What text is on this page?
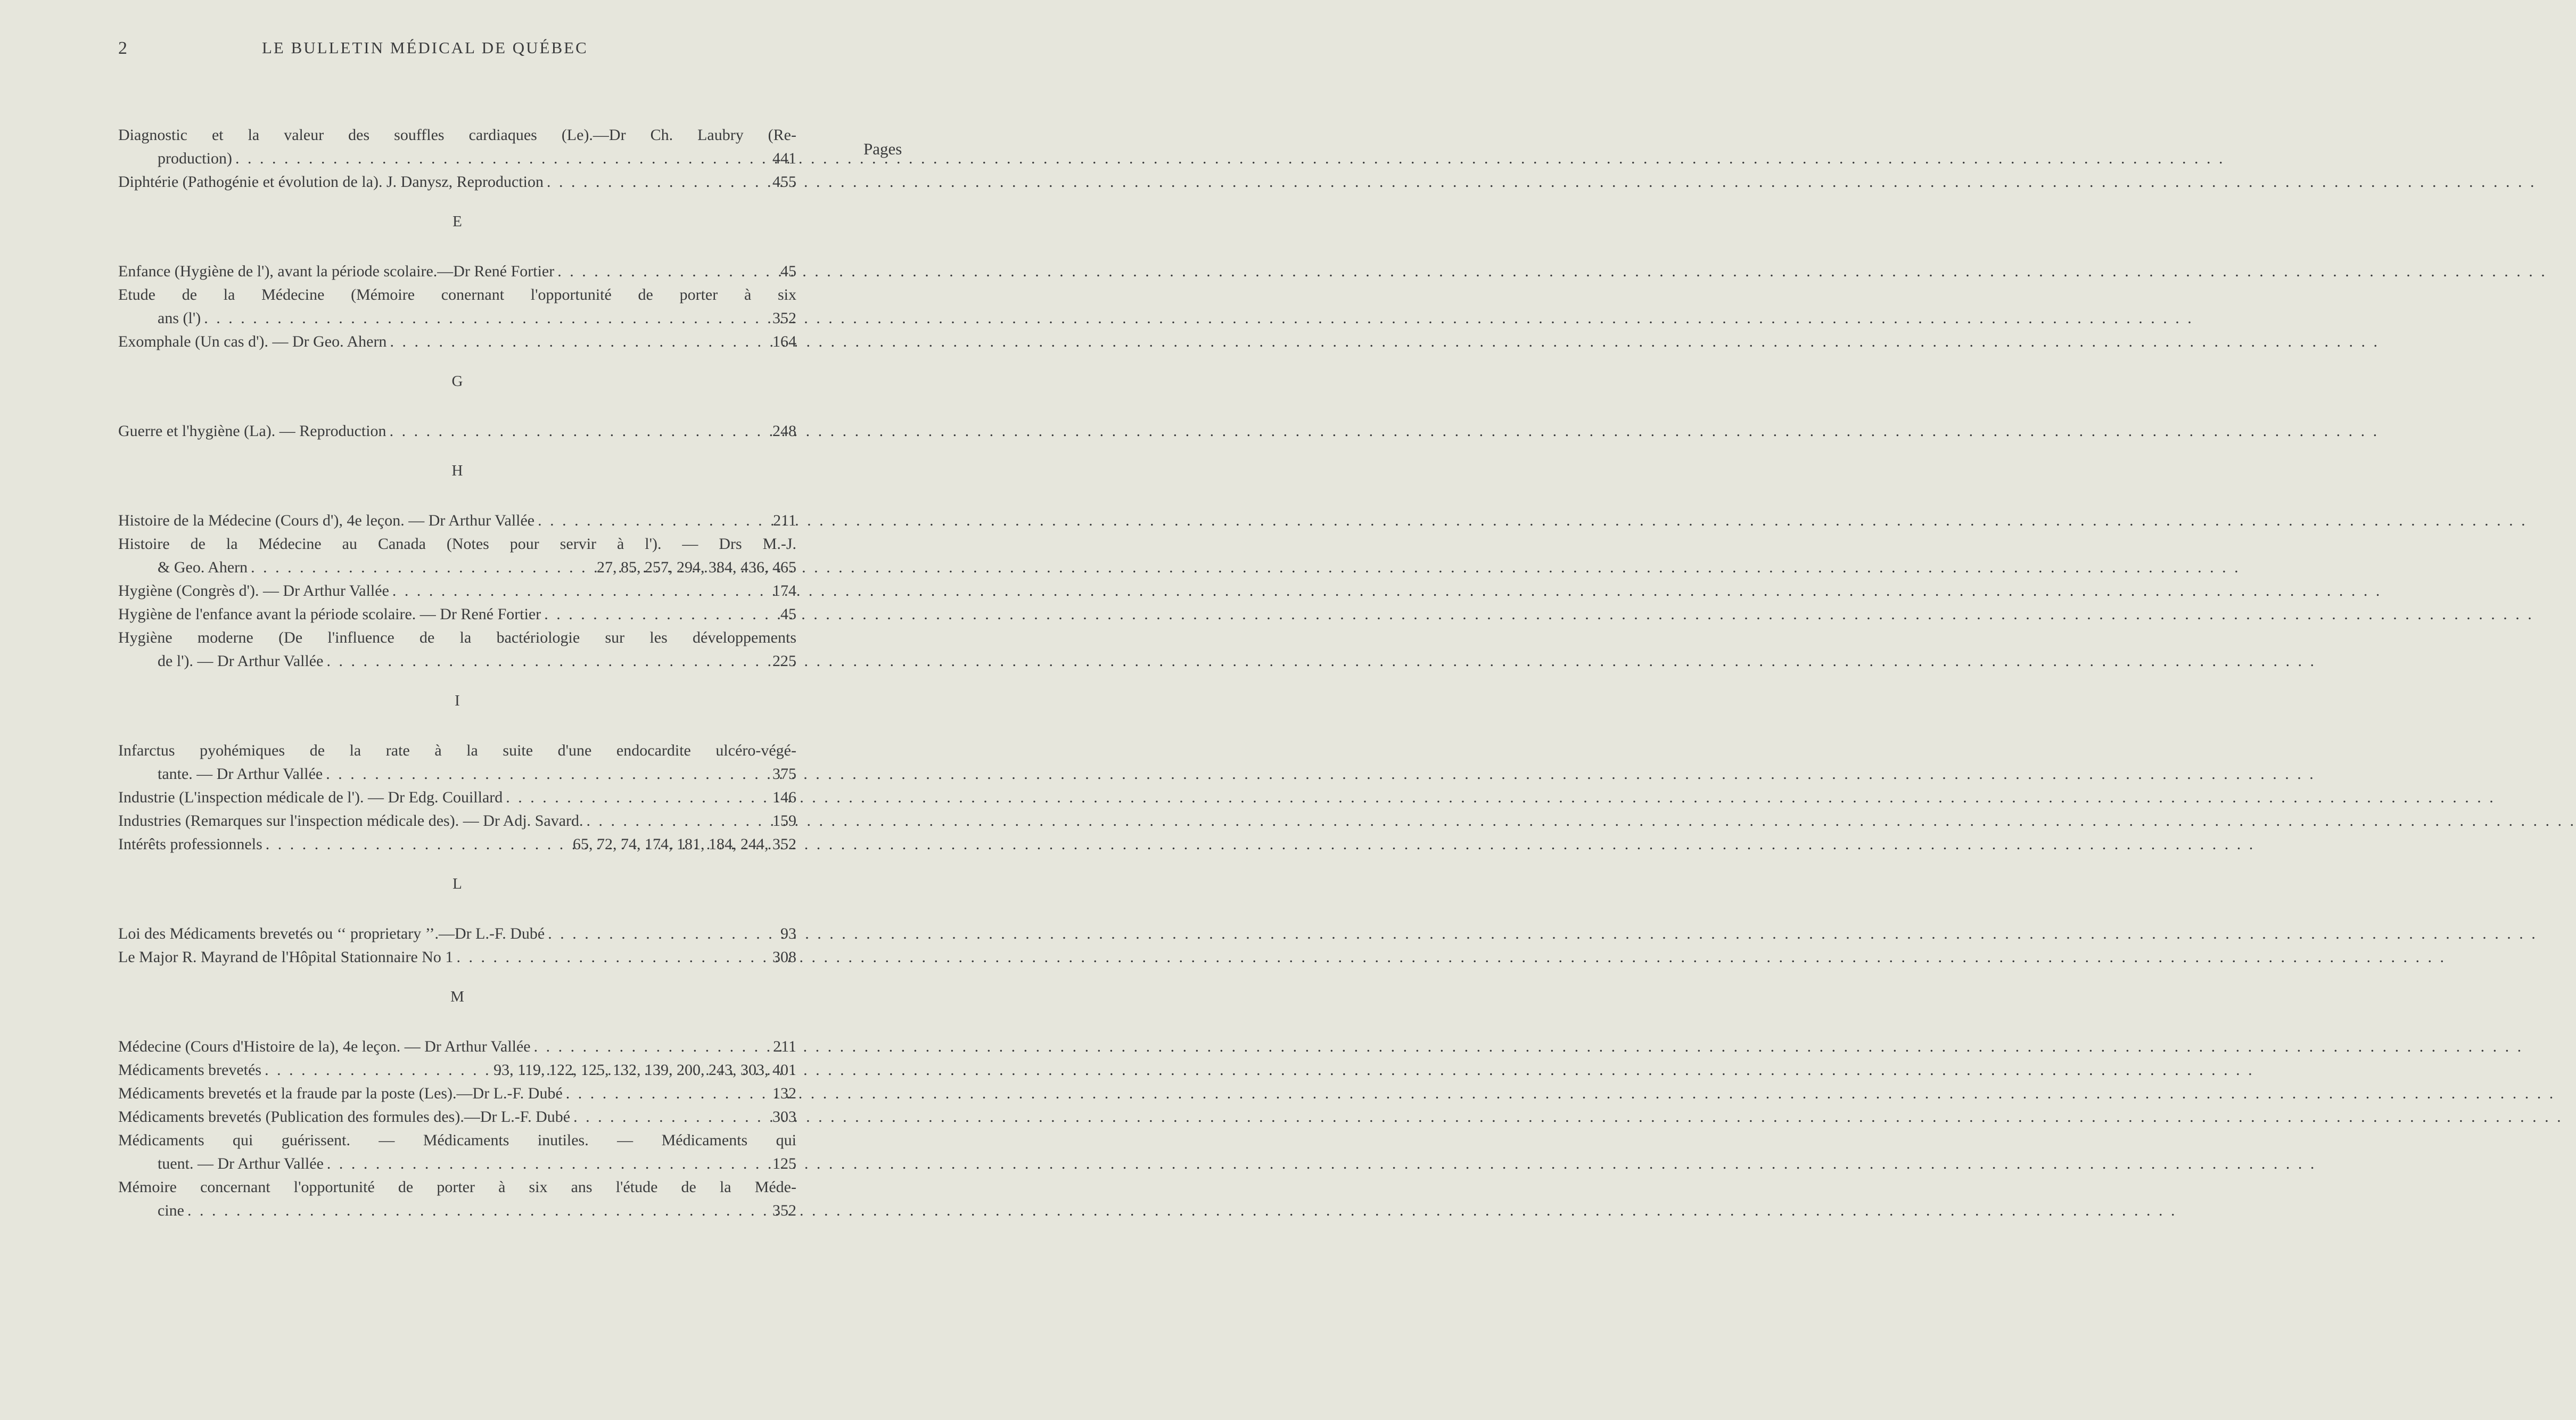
2	LE BULLETIN MÉDICAL DE QUÉBEC
Pages
Diagnostic et la valeur des souffles cardiaques (Le).—Dr Ch. Laubry (Re-
production) . . .	441
Diphtérie (Pathogénie et évolution de la). J. Danysz, Reproduction . . .	455
E
Enfance (Hygiène de l'), avant la période scolaire.—Dr René Fortier . . .	45
Etude de la Médecine (Mémoire conernant l'opportunité de porter à six
ans (l') . . .	352
Exomphale (Un cas d'). — Dr Geo. Ahern . . .	164
G
Guerre et l'hygiène (La). — Reproduction . . .	248
H
Histoire de la Médecine (Cours d'), 4e leçon. — Dr Arthur Vallée . . .	211
Histoire de la Médecine au Canada (Notes pour servir à l'). — Drs M.-J.
& Geo. Ahern . . .	27, 85, 257, 294, 384, 436, 465
Hygiène (Congrès d'). — Dr Arthur Vallée . . .	174
Hygiène de l'enfance avant la période scolaire. — Dr René Fortier . . .	45
Hygiène moderne (De l'influence de la bactériologie sur les développements
de l'). — Dr Arthur Vallée . . .	225
I
Infarctus pyohémiques de la rate à la suite d'une endocardite ulcéro-végé-
tante. — Dr Arthur Vallée . . .	375
Industrie (L'inspection médicale de l'). — Dr Edg. Couillard . . .	146
Industries (Remarques sur l'inspection médicale des). — Dr Adj. Savard. . . .	159
Intérêts professionnels . . .	65, 72, 74, 174, 181, 184, 244, 352
L
Loi des Médicaments brevetés ou ‘‘ proprietary ’’.—Dr L.-F. Dubé . . .	93
Le Major R. Mayrand de l'Hôpital Stationnaire No 1 . . .	308
M
Médecine (Cours d'Histoire de la), 4e leçon. — Dr Arthur Vallée . . .	211
Médicaments brevetés . . .	93, 119, 122, 125, 132, 139, 200, 243, 303, 401
Médicaments brevetés et la fraude par la poste (Les).—Dr L.-F. Dubé . . .	132
Médicaments brevetés (Publication des formules des).—Dr L.-F. Dubé . . .	303
Médicaments qui guérissent. — Médicaments inutiles. — Médicaments qui
tuent. — Dr Arthur Vallée . . .	125
Mémoire concernant l'opportunité de porter à six ans l'étude de la Méde-
cine . . .	352
